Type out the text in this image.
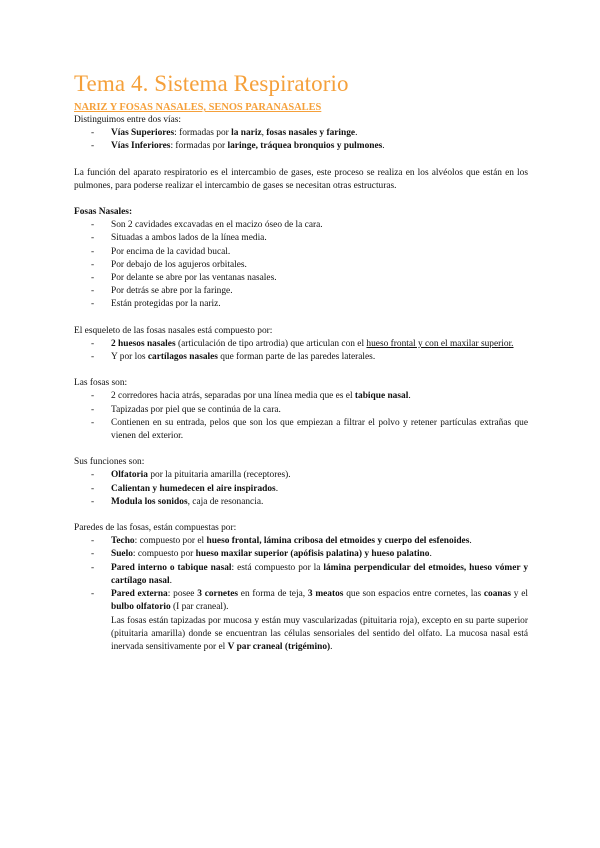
Tema 4. Sistema Respiratorio
NARIZ Y FOSAS NASALES, SENOS PARANASALES

Distinguimos entre dos vías:

- Vías Superiores: formadas por la nariz, fosas nasales y faringe.
- Vías Inferiores: formadas por laringe, tráquea bronquios y pulmones.

La función del aparato respiratorio es el intercambio de gases, este proceso se realiza en los alvéolos que están en los pulmones, para poderse realizar el intercambio de gases se necesitan otras estructuras.

Fosas Nasales:

- Son 2 cavidades excavadas en el macizo óseo de la cara.
- Situadas a ambos lados de la línea media.
- Por encima de la cavidad bucal.
- Por debajo de los agujeros orbitales.
- Por delante se abre por las ventanas nasales.
- Por detrás se abre por la faringe.
- Están protegidas por la nariz.

El esqueleto de las fosas nasales está compuesto por:

- 2 huesos nasales (articulación de tipo artrodia) que articulan con el hueso frontal y con el maxilar superior.
- Y por los cartílagos nasales que forman parte de las paredes laterales.

Las fosas son:

- 2 corredores hacia atrás, separadas por una línea media que es el tabique nasal.
- Tapizadas por piel que se continúa de la cara.
- Contienen en su entrada, pelos que son los que empiezan a filtrar el polvo y retener partículas extrañas que vienen del exterior.

Sus funciones son:

- Olfatoria por la pituitaria amarilla (receptores).
- Calientan y humedecen el aire inspirados.
- Modula los sonidos, caja de resonancia.

Paredes de las fosas, están compuestas por:

- Techo: compuesto por el hueso frontal, lámina cribosa del etmoides y cuerpo del esfenoides.
- Suelo: compuesto por hueso maxilar superior (apófisis palatina) y hueso palatino.
- Pared interno o tabique nasal: está compuesto por la lámina perpendicular del etmoides, hueso vómer y cartílago nasal.
- Pared externa: posee 3 cornetes en forma de teja, 3 meatos que son espacios entre cornetes, las coanas y el bulbo olfatorio (I par craneal).
Las fosas están tapizadas por mucosa y están muy vascularizadas (pituitaria roja), excepto en su parte superior (pituitaria amarilla) donde se encuentran las células sensoriales del sentido del olfato. La mucosa nasal está inervada sensitivamente por el V par craneal (trigémino).
